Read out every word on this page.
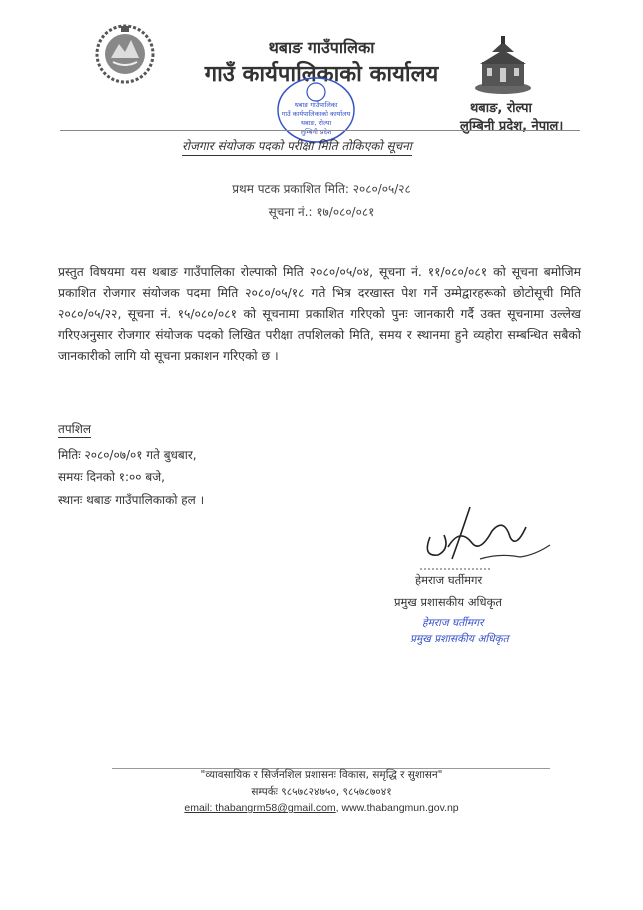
थबाङ गाउँपालिका
गाउँ कार्यपालिकाको कार्यालय
थबाङ गाउँपालिका
गाउँ कार्यपालिकाको कार्यालय
थबाङ, रोल्पा
लुम्बिनी प्रदेश
थबाङ, रोल्पा
लुम्बिनी प्रदेश, नेपाल।
रोजगार संयोजक पदको परीक्षा मिति तोकिएको सूचना
प्रथम पटक प्रकाशित मिति: २०८०/०५/२८
सूचना नं.: १७/०८०/०८१
प्रस्तुत विषयमा यस थबाङ गाउँपालिका रोल्पाको मिति २०८०/०५/०४, सूचना नं. ११/०८०/०८१ को सूचना बमोजिम प्रकाशित रोजगार संयोजक पदमा मिति २०८०/०५/१८ गते भित्र दरखास्त पेश गर्ने उम्मेद्वारहरूको छोटोसूची मिति २०८०/०५/२२, सूचना नं. १५/०८०/०८१ को सूचनामा प्रकाशित गरिएको पुनः जानकारी गर्दै उक्त सूचनामा उल्लेख गरिएअनुसार रोजगार संयोजक पदको लिखित परीक्षा तपशिलको मिति, समय र स्थानमा हुने व्यहोरा सम्बन्धित सबैको जानकारीको लागि यो सूचना प्रकाशन गरिएको छ ।
तपशिल
मितिः २०८०/०७/०१ गते बुधबार,
समयः दिनको १:०० बजे,
स्थानः थबाङ गाउँपालिकाको हल ।
हेमराज घर्तीमगर
प्रमुख प्रशासकीय अधिकृत
हेमराज घर्तीमगर
प्रमुख प्रशासकीय अधिकृत
"व्यावसायिक र सिर्जनशिल प्रशासनः विकास, समृद्धि र सुशासन"
सम्पर्कः ९८५७८२४७५०, ९८५७८७०४१
email: thabangrm58@gmail.com, www.thabangmun.gov.np
